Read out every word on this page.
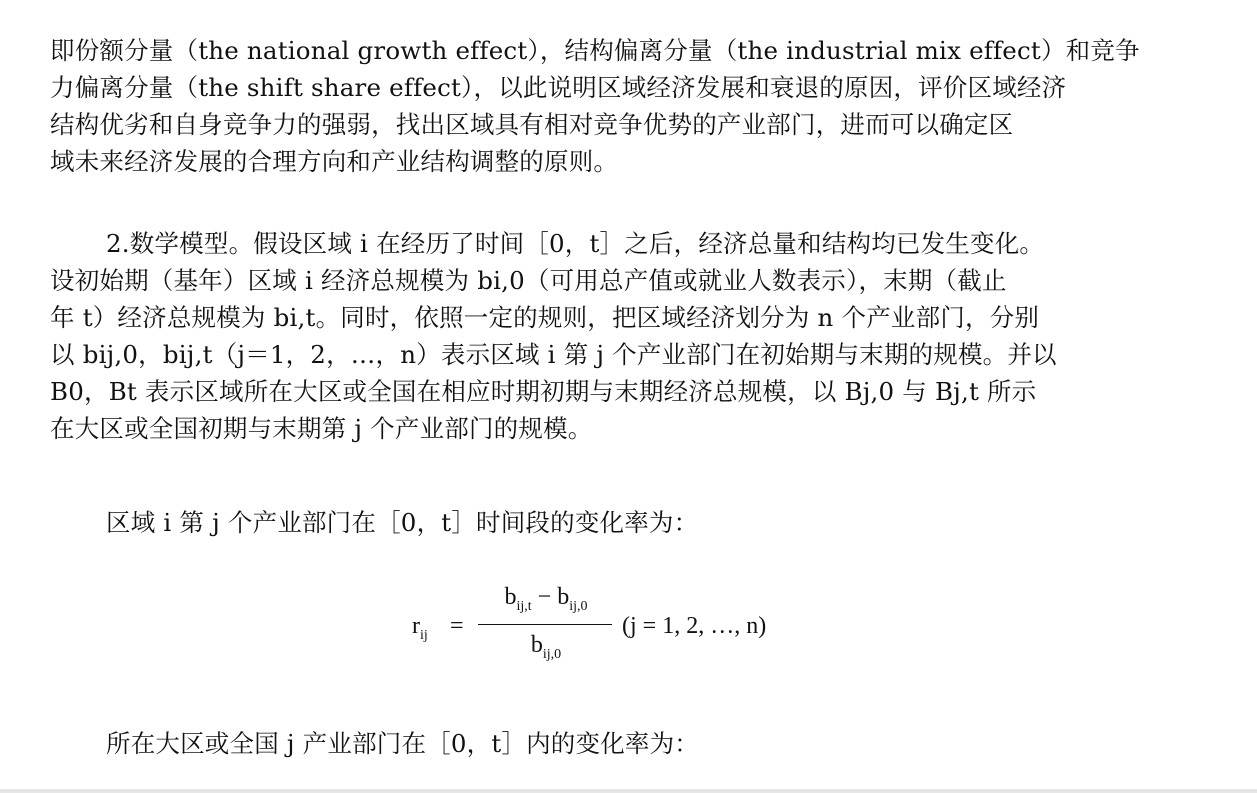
即份额分量（the national growth effect），结构偏离分量（the industrial mix effect）和竞争

力偏离分量（the shift share effect），以此说明区域经济发展和衰退的原因，评价区域经济

结构优劣和自身竞争力的强弱，找出区域具有相对竞争优势的产业部门，进而可以确定区

域未来经济发展的合理方向和产业结构调整的原则。

2.数学模型。假设区域 i 在经历了时间［0，t］之后，经济总量和结构均已发生变化。

设初始期（基年）区域 i 经济总规模为 bi,0（可用总产值或就业人数表示），末期（截止

年 t）经济总规模为 bi,t。同时，依照一定的规则，把区域经济划分为 n 个产业部门，分别

以 bij,0，bij,t（j＝1，2，…，n）表示区域 i 第 j 个产业部门在初始期与末期的规模。并以

B0，Bt 表示区域所在大区或全国在相应时期初期与末期经济总规模，以 Bj,0 与 Bj,t 所示

在大区或全国初期与末期第 j 个产业部门的规模。

区域 i 第 j 个产业部门在［0，t］时间段的变化率为：

$r_{ij}$ =
$b_{ij,t} - b_{ij,0}$
$b_{ij,0}$
(j = 1, 2, …, n)

所在大区或全国 j 产业部门在［0，t］内的变化率为：
